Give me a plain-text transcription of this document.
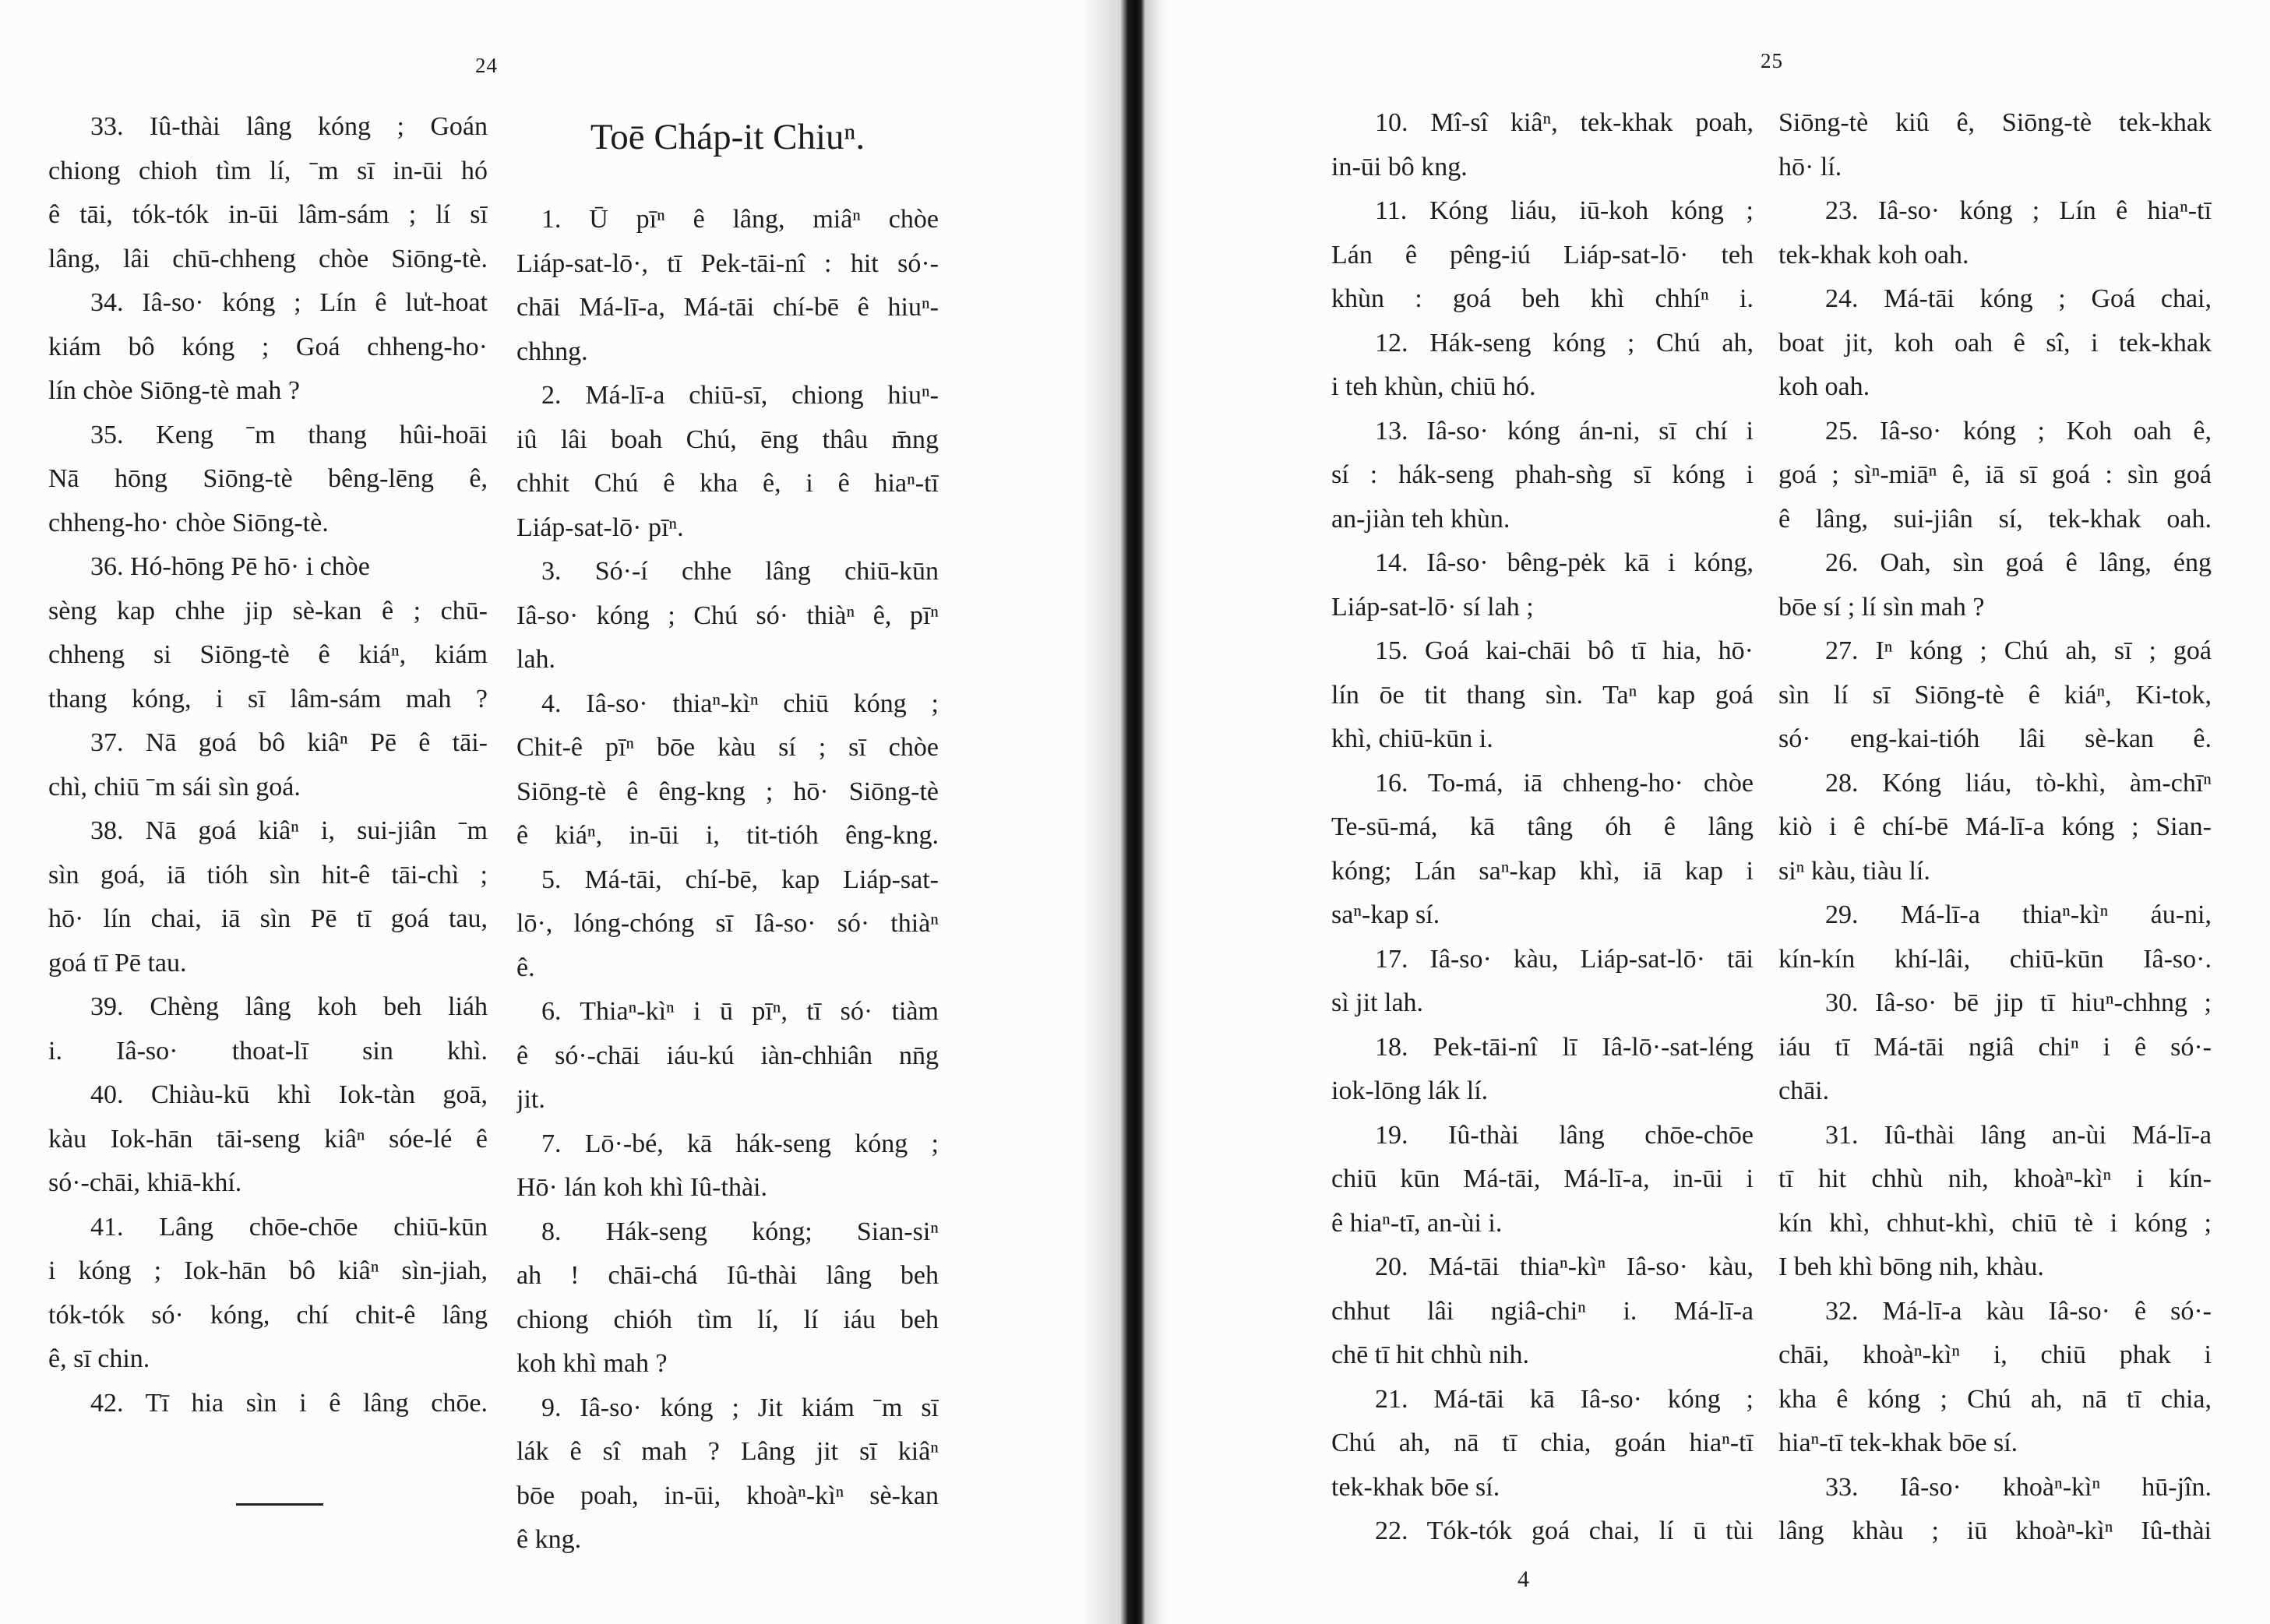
24
33. Iû-thài lâng kóng ; Goán
chiong chioh tìm lí, ˉm sī in-ūi hó
ê tāi, tók-tók in-ūi lâm-sám ; lí sī
lâng, lâi chū-chheng chòe Siōng-tè.
34. Iâ-so· kóng ; Lín ê lu̍t-hoat
kiám bô kóng ; Goá chheng-ho·
lín chòe Siōng-tè mah ?
35. Keng ˉm thang hûi-hoāi
Nā hōng Siōng-tè bêng-lēng ê,
chheng-ho· chòe Siōng-tè.
36. Hó-hōng Pē hō· i chòe
sèng kap chhe jip sè-kan ê ; chū-
chheng si Siōng-tè ê kiáⁿ, kiám
thang kóng, i sī lâm-sám mah ?
37. Nā goá bô kiâⁿ Pē ê tāi-
chì, chiū ˉm sái sìn goá.
38. Nā goá kiâⁿ i, sui-jiân ˉm
sìn goá, iā tióh sìn hit-ê tāi-chì ;
hō· lín chai, iā sìn Pē tī goá tau,
goá tī Pē tau.
39. Chèng lâng koh beh liáh
i. Iâ-so· thoat-lī sin khì.
40. Chiàu-kū khì Iok-tàn goā,
kàu Iok-hān tāi-seng kiâⁿ sóe-lé ê
só·-chāi, khiā-khí.
41. Lâng chōe-chōe chiū-kūn
i kóng ; Iok-hān bô kiâⁿ sìn-jiah,
tók-tók só· kóng, chí chit-ê lâng
ê, sī chin.
42. Tī hia sìn i ê lâng chōe.
Toē Cháp-it Chiuⁿ.
1. Ū pīⁿ ê lâng, miâⁿ chòe
Liáp-sat-lō·, tī Pek-tāi-nî : hit só·-
chāi Má-lī-a, Má-tāi chí-bē ê hiuⁿ-
chhng.
2. Má-lī-a chiū-sī, chiong hiuⁿ-
iû lâi boah Chú, ēng thâu m̄ng
chhit Chú ê kha ê, i ê hiaⁿ-tī
Liáp-sat-lō· pīⁿ.
3. Só·-í chhe lâng chiū-kūn
Iâ-so· kóng ; Chú só· thiàⁿ ê, pīⁿ
lah.
4. Iâ-so· thiaⁿ-kìⁿ chiū kóng ;
Chit-ê pīⁿ bōe kàu sí ; sī chòe
Siōng-tè ê êng-kng ; hō· Siōng-tè
ê kiáⁿ, in-ūi i, tit-tióh êng-kng.
5. Má-tāi, chí-bē, kap Liáp-sat-
lō·, lóng-chóng sī Iâ-so· só· thiàⁿ
ê.
6. Thiaⁿ-kìⁿ i ū pīⁿ, tī só· tiàm
ê só·-chāi iáu-kú iàn-chhiân nn̄g
jit.
7. Lō·-bé, kā hák-seng kóng ;
Hō· lán koh khì Iû-thài.
8. Hák-seng kóng; Sian-siⁿ
ah ! chāi-chá Iû-thài lâng beh
chiong chióh tìm lí, lí iáu beh
koh khì mah ?
9. Iâ-so· kóng ; Jit kiám ˉm sī
lák ê sî mah ? Lâng jit sī kiâⁿ
bōe poah, in-ūi, khoàⁿ-kìⁿ sè-kan
ê kng.
25
10. Mî-sî kiâⁿ, tek-khak poah,
in-ūi bô kng.
11. Kóng liáu, iū-koh kóng ;
Lán ê pêng-iú Liáp-sat-lō· teh
khùn : goá beh khì chhíⁿ i.
12. Hák-seng kóng ; Chú ah,
i teh khùn, chiū hó.
13. Iâ-so· kóng án-ni, sī chí i
sí : hák-seng phah-sǹg sī kóng i
an-jiàn teh khùn.
14. Iâ-so· bêng-pėk kā i kóng,
Liáp-sat-lō· sí lah ;
15. Goá kai-chāi bô tī hia, hō·
lín ōe tit thang sìn. Taⁿ kap goá
khì, chiū-kūn i.
16. To-má, iā chheng-ho· chòe
Te-sū-má, kā tâng óh ê lâng
kóng; Lán saⁿ-kap khì, iā kap i
saⁿ-kap sí.
17. Iâ-so· kàu, Liáp-sat-lō· tāi
sì jit lah.
18. Pek-tāi-nî lī Iâ-lō·-sat-léng
iok-lōng lák lí.
19. Iû-thài lâng chōe-chōe
chiū kūn Má-tāi, Má-lī-a, in-ūi i
ê hiaⁿ-tī, an-ùi i.
20. Má-tāi thiaⁿ-kìⁿ Iâ-so· kàu,
chhut lâi ngiâ-chiⁿ i. Má-lī-a
chē tī hit chhù nih.
21. Má-tāi kā Iâ-so· kóng ;
Chú ah, nā tī chia, goán hiaⁿ-tī
tek-khak bōe sí.
22. Tók-tók goá chai, lí ū tùi
Siōng-tè kiû ê, Siōng-tè tek-khak
hō· lí.
23. Iâ-so· kóng ; Lín ê hiaⁿ-tī
tek-khak koh oah.
24. Má-tāi kóng ; Goá chai,
boat jit, koh oah ê sî, i tek-khak
koh oah.
25. Iâ-so· kóng ; Koh oah ê,
goá ; sìⁿ-miāⁿ ê, iā sī goá : sìn goá
ê lâng, sui-jiân sí, tek-khak oah.
26. Oah, sìn goá ê lâng, éng
bōe sí ; lí sìn mah ?
27. Iⁿ kóng ; Chú ah, sī ; goá
sìn lí sī Siōng-tè ê kiáⁿ, Ki-tok,
só· eng-kai-tióh lâi sè-kan ê.
28. Kóng liáu, tò-khì, àm-chīⁿ
kiò i ê chí-bē Má-lī-a kóng ; Sian-
siⁿ kàu, tiàu lí.
29. Má-lī-a thiaⁿ-kìⁿ áu-ni,
kín-kín khí-lâi, chiū-kūn Iâ-so·.
30. Iâ-so· bē jip tī hiuⁿ-chhng ;
iáu tī Má-tāi ngiâ chiⁿ i ê só·-
chāi.
31. Iû-thài lâng an-ùi Má-lī-a
tī hit chhù nih, khoàⁿ-kìⁿ i kín-
kín khì, chhut-khì, chiū tè i kóng ;
I beh khì bōng nih, khàu.
32. Má-lī-a kàu Iâ-so· ê só·-
chāi, khoàⁿ-kìⁿ i, chiū phak i
kha ê kóng ; Chú ah, nā tī chia,
hiaⁿ-tī tek-khak bōe sí.
33. Iâ-so· khoàⁿ-kìⁿ hū-jîn.
lâng khàu ; iū khoàⁿ-kìⁿ Iû-thài
4
